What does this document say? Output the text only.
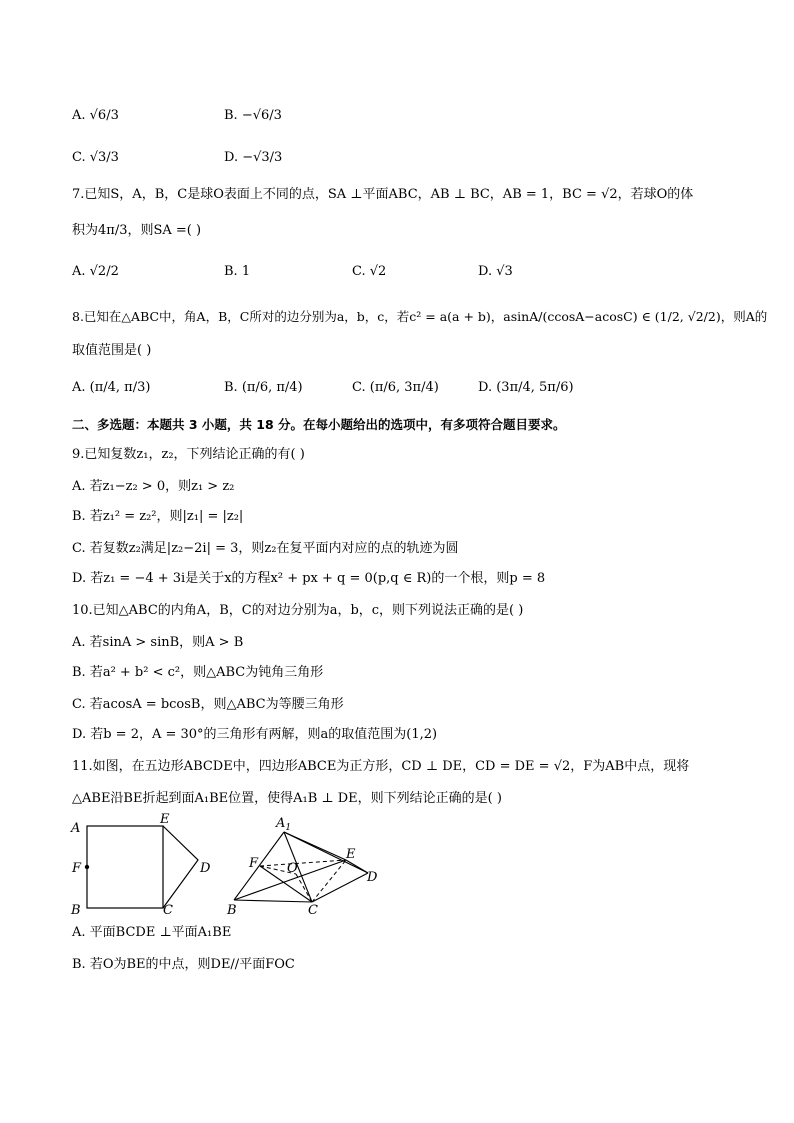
A. √6/3	B. −√6/3
C. √3/3	D. −√3/3
7.已知S，A，B，C是球O表面上不同的点，SA ⊥平面ABC，AB ⊥ BC，AB = 1，BC = √2，若球O的体
积为4π/3，则SA =( )
A. √2/2	B. 1	C. √2	D. √3
8.已知在△ABC中，角A，B，C所对的边分别为a，b，c，若c² = a(a + b)，asinA/(ccosA−acosC) ∈ (1/2, √2/2)，则A的
取值范围是( )
A. (π/4, π/3)	B. (π/6, π/4)	C. (π/6, 3π/4)	D. (3π/4, 5π/6)
二、多选题：本题共 3 小题，共 18 分。在每小题给出的选项中，有多项符合题目要求。
9.已知复数z₁，z₂，下列结论正确的有( )
A. 若z₁−z₂ > 0，则z₁ > z₂
B. 若z₁² = z₂²，则|z₁| = |z₂|
C. 若复数z₂满足|z₂−2i| = 3，则z₂在复平面内对应的点的轨迹为圆
D. 若z₁ = −4 + 3i是关于x的方程x² + px + q = 0(p,q ∈ R)的一个根，则p = 8
10.已知△ABC的内角A，B，C的对边分别为a，b，c，则下列说法正确的是( )
A. 若sinA > sinB，则A > B
B. 若a² + b² < c²，则△ABC为钝角三角形
C. 若acosA = bcosB，则△ABC为等腰三角形
D. 若b = 2，A = 30°的三角形有两解，则a的取值范围为(1,2)
11.如图，在五边形ABCDE中，四边形ABCE为正方形，CD ⊥ DE，CD = DE = √2，F为AB中点，现将
△ABE沿BE折起到面A₁BE位置，使得A₁B ⊥ DE，则下列结论正确的是( )
A
E
F	D
B	C
$A_1$
E
F O
D
B	C
A. 平面BCDE ⊥平面A₁BE
B. 若O为BE的中点，则DE//平面FOC
